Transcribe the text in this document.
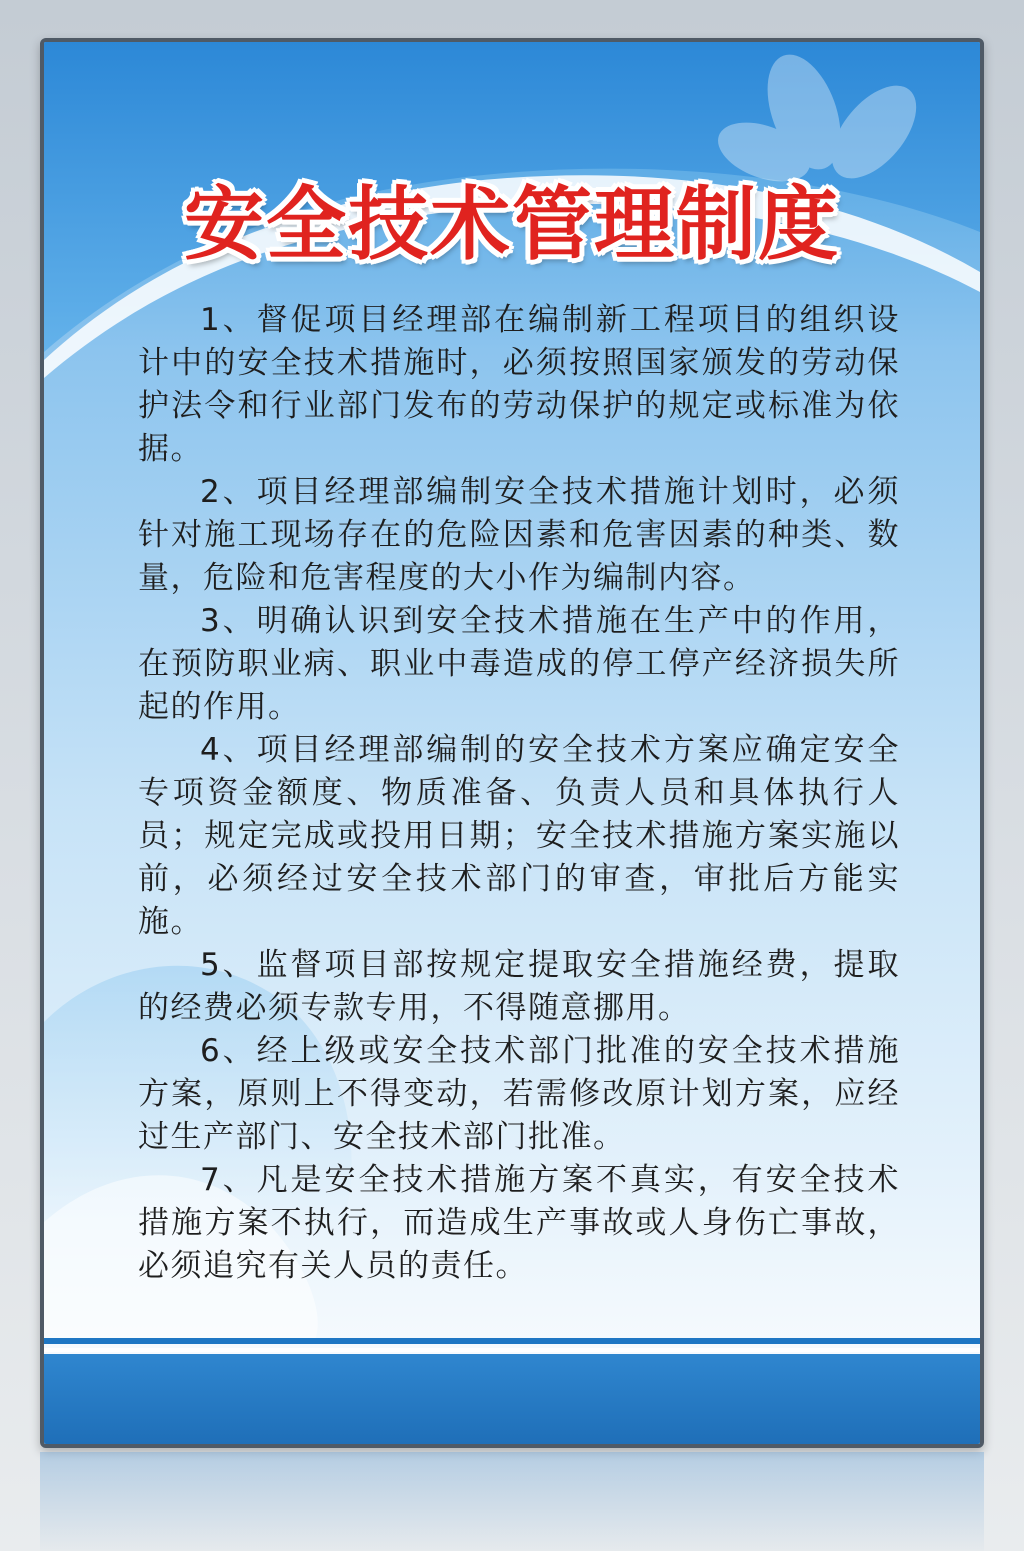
安全技术管理制度

1、督促项目经理部在编制新工程项目的组织设计中的安全技术措施时，必须按照国家颁发的劳动保护法令和行业部门发布的劳动保护的规定或标准为依据。

2、项目经理部编制安全技术措施计划时，必须针对施工现场存在的危险因素和危害因素的种类、数量，危险和危害程度的大小作为编制内容。

3、明确认识到安全技术措施在生产中的作用，在预防职业病、职业中毒造成的停工停产经济损失所起的作用。

4、项目经理部编制的安全技术方案应确定安全专项资金额度、物质准备、负责人员和具体执行人员；规定完成或投用日期；安全技术措施方案实施以前，必须经过安全技术部门的审查，审批后方能实施。

5、监督项目部按规定提取安全措施经费，提取的经费必须专款专用，不得随意挪用。

6、经上级或安全技术部门批准的安全技术措施方案，原则上不得变动，若需修改原计划方案，应经过生产部门、安全技术部门批准。

7、凡是安全技术措施方案不真实，有安全技术措施方案不执行，而造成生产事故或人身伤亡事故，必须追究有关人员的责任。
